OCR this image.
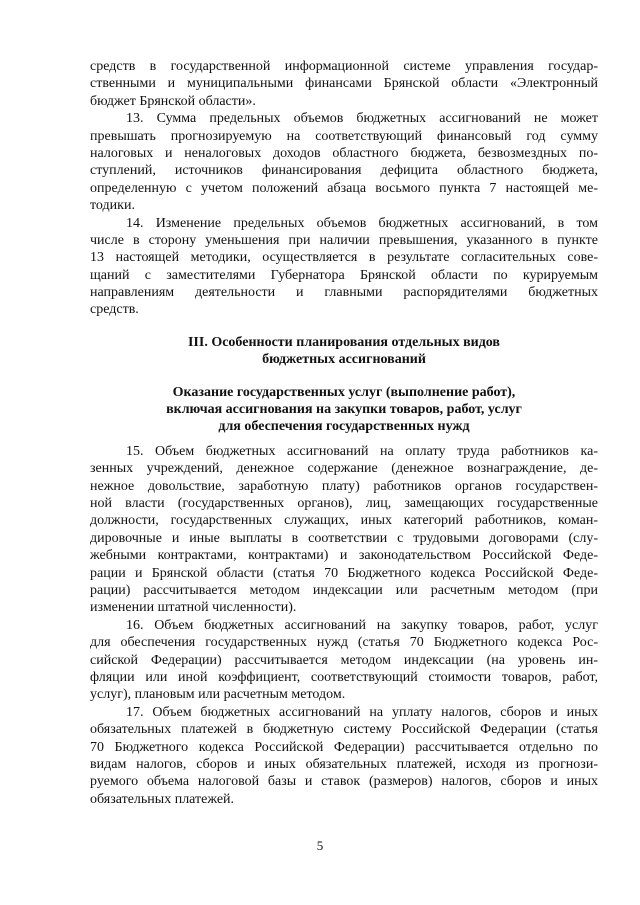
средств в государственной информационной системе управления государ-
ственными и муниципальными финансами Брянской области «Электронный
бюджет Брянской области».
13. Сумма предельных объемов бюджетных ассигнований не может
превышать прогнозируемую на соответствующий финансовый год сумму
налоговых и неналоговых доходов областного бюджета, безвозмездных по-
ступлений, источников финансирования дефицита областного бюджета,
определенную с учетом положений абзаца восьмого пункта 7 настоящей ме-
тодики.
14. Изменение предельных объемов бюджетных ассигнований, в том
числе в сторону уменьшения при наличии превышения, указанного в пункте
13 настоящей методики, осуществляется в результате согласительных сове-
щаний с заместителями Губернатора Брянской области по курируемым
направлениям деятельности и главными распорядителями бюджетных
средств.
III. Особенности планирования отдельных видов
бюджетных ассигнований
Оказание государственных услуг (выполнение работ),
включая ассигнования на закупки товаров, работ, услуг
для обеспечения государственных нужд
15. Объем бюджетных ассигнований на оплату труда работников ка-
зенных учреждений, денежное содержание (денежное вознаграждение, де-
нежное довольствие, заработную плату) работников органов государствен-
ной власти (государственных органов), лиц, замещающих государственные
должности, государственных служащих, иных категорий работников, коман-
дировочные и иные выплаты в соответствии с трудовыми договорами (слу-
жебными контрактами, контрактами) и законодательством Российской Феде-
рации и Брянской области (статья 70 Бюджетного кодекса Российской Феде-
рации) рассчитывается методом индексации или расчетным методом (при
изменении штатной численности).
16. Объем бюджетных ассигнований на закупку товаров, работ, услуг
для обеспечения государственных нужд (статья 70 Бюджетного кодекса Рос-
сийской Федерации) рассчитывается методом индексации (на уровень ин-
фляции или иной коэффициент, соответствующий стоимости товаров, работ,
услуг), плановым или расчетным методом.
17. Объем бюджетных ассигнований на уплату налогов, сборов и иных
обязательных платежей в бюджетную систему Российской Федерации (статья
70 Бюджетного кодекса Российской Федерации) рассчитывается отдельно по
видам налогов, сборов и иных обязательных платежей, исходя из прогнози-
руемого объема налоговой базы и ставок (размеров) налогов, сборов и иных
обязательных платежей.
5
